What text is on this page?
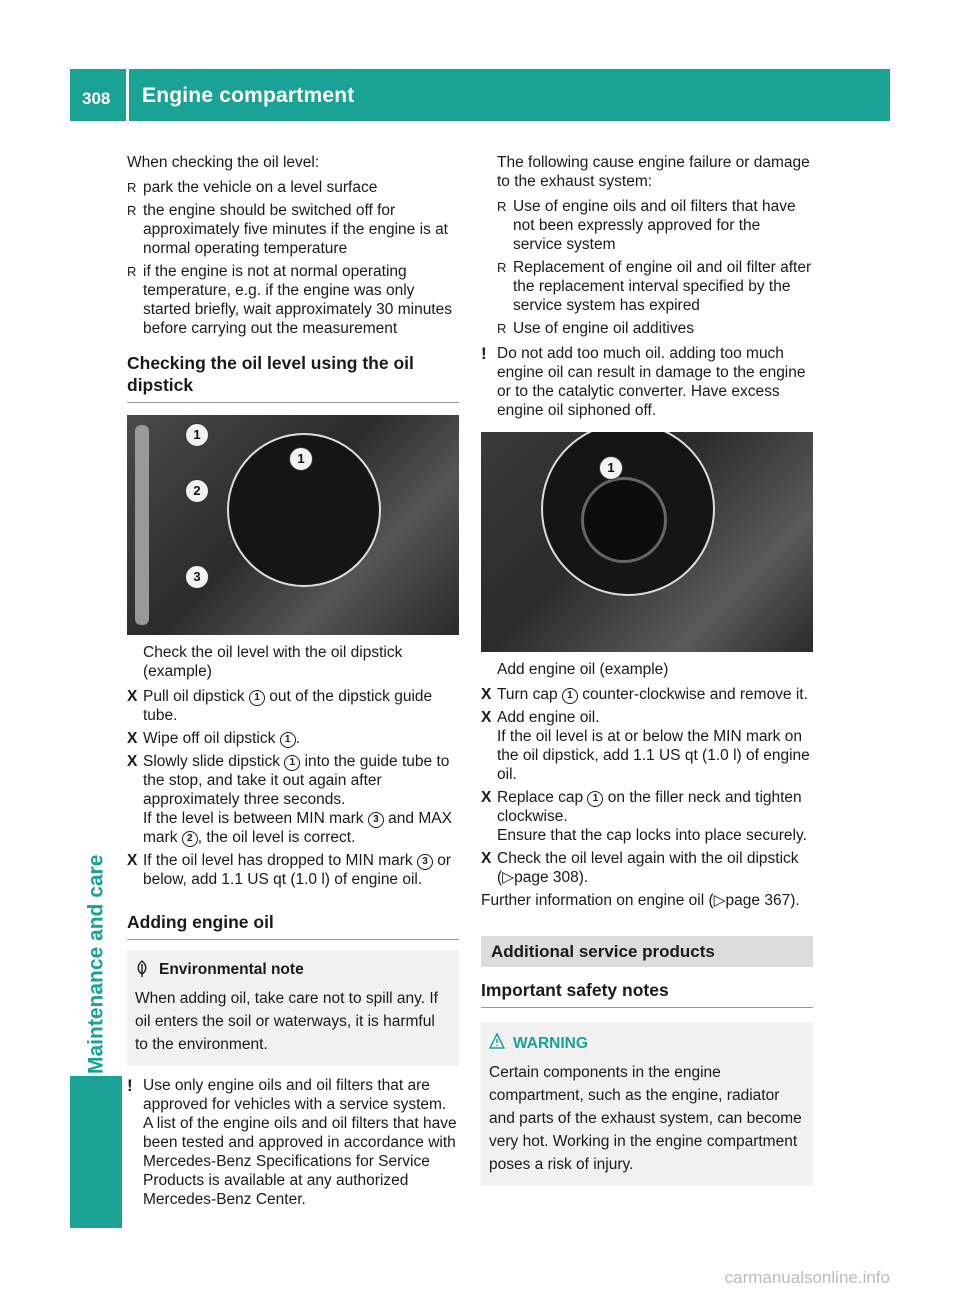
308 Engine compartment
Maintenance and care

When checking the oil level:

R park the vehicle on a level surface
R the engine should be switched off for approximately five minutes if the engine is at normal operating temperature
R if the engine is not at normal operating temperature, e.g. if the engine was only started briefly, wait approximately 30 minutes before carrying out the measurement
Checking the oil level using the oil dipstick
1
2
3
1

Check the oil level with the oil dipstick (example)

X Pull oil dipstick 1 out of the dipstick guide tube.
X Wipe off oil dipstick 1 .
X Slowly slide dipstick 1 into the guide tube to the stop, and take it out again after approximately three seconds.
If the level is between MIN mark 3 and MAX mark 2 , the oil level is correct.
X If the oil level has dropped to MIN mark 3 or below, add 1.1 US qt (1.0 l) of engine oil.
Adding engine oil
Environmental note
When adding oil, take care not to spill any. If oil enters the soil or waterways, it is harmful to the environment.
! Use only engine oils and oil filters that are approved for vehicles with a service system. A list of the engine oils and oil filters that have been tested and approved in accordance with Mercedes-Benz Specifications for Service Products is available at any authorized Mercedes-Benz Center.

The following cause engine failure or damage to the exhaust system:

R Use of engine oils and oil filters that have not been expressly approved for the service system
R Replacement of engine oil and oil filter after the replacement interval specified by the service system has expired
R Use of engine oil additives
! Do not add too much oil. adding too much engine oil can result in damage to the engine or to the catalytic converter. Have excess engine oil siphoned off.
1

Add engine oil (example)

X Turn cap 1 counter-clockwise and remove it.
X Add engine oil.
If the oil level is at or below the MIN mark on the oil dipstick, add 1.1 US qt (1.0 l) of engine oil.
X Replace cap 1 on the filler neck and tighten clockwise.
Ensure that the cap locks into place securely.
X Check the oil level again with the oil dipstick (▷page 308).

Further information on engine oil (▷page 367).

Additional service products
Important safety notes
WARNING
Certain components in the engine compartment, such as the engine, radiator and parts of the exhaust system, can become very hot. Working in the engine compartment poses a risk of injury.
carmanualsonline.info
